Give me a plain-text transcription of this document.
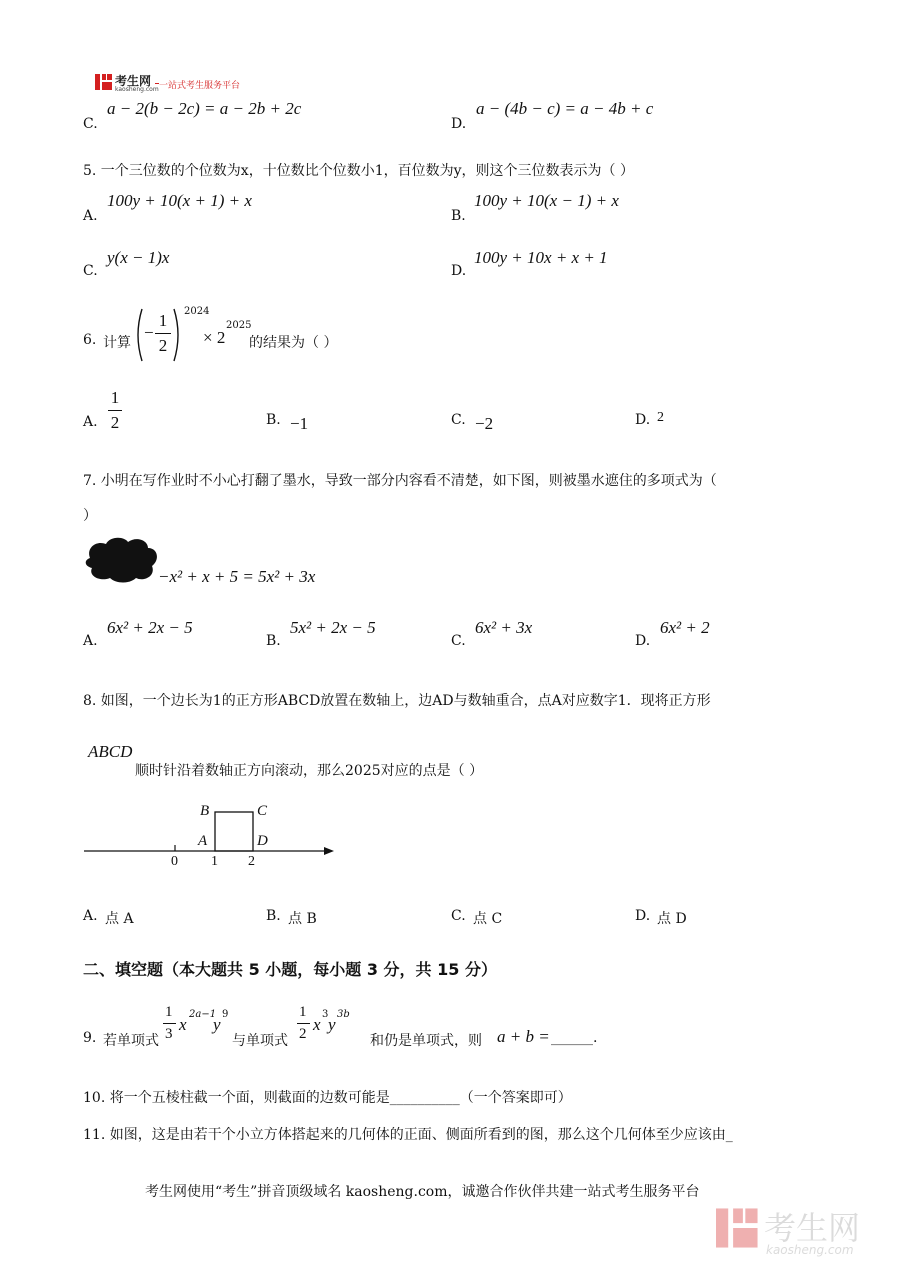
考生网
kaosheng.com 一站式考生服务平台
C.
a − 2(b − 2c) = a − 2b + 2c
D.
a − (4b − c) = a − 4b + c
5. 一个三位数的个位数为x，十位数比个位数小1，百位数为y，则这个三位数表示为（ ）
A.
100y + 10(x + 1) + x
B.
100y + 10(x − 1) + x
C.
y(x − 1)x
D.
100y + 10x + x + 1
6. 计算
−
1
2
2024
× 2
2025
的结果为（ ）
A.
1
2	B. −1	C. −2	D. 2
7. 小明在写作业时不小心打翻了墨水，导致一部分内容看不清楚，如下图，则被墨水遮住的多项式为（
）
−x² + x + 5 = 5x² + 3x
A.
6x² + 2x − 5
B.
5x² + 2x − 5
C.
6x² + 3x
D.
6x² + 2
8. 如图，一个边长为1的正方形ABCD放置在数轴上，边AD与数轴重合，点A对应数字1．现将正方形
ABCD
顺时针沿着数轴正方向滚动，那么2025对应的点是（ ）
B	C
A	D
0 1 2
A. 点 A	B. 点 B	C. 点 C	D. 点 D
二、填空题（本大题共 5 小题，每小题 3 分，共 15 分）
9. 若单项式
1
3 x
2a−1
y
9
与单项式
1
2 x
3
y
3b
和仍是单项式，则 a + b = ______.
10. 将一个五棱柱截一个面，则截面的边数可能是__________（一个答案即可）
11. 如图，这是由若干个小立方体搭起来的几何体的正面、侧面所看到的图，那么这个几何体至少应该由_
考生网使用“考生”拼音顶级域名 kaosheng.com，诚邀合作伙伴共建一站式考生服务平台
考生网
kaosheng.com
